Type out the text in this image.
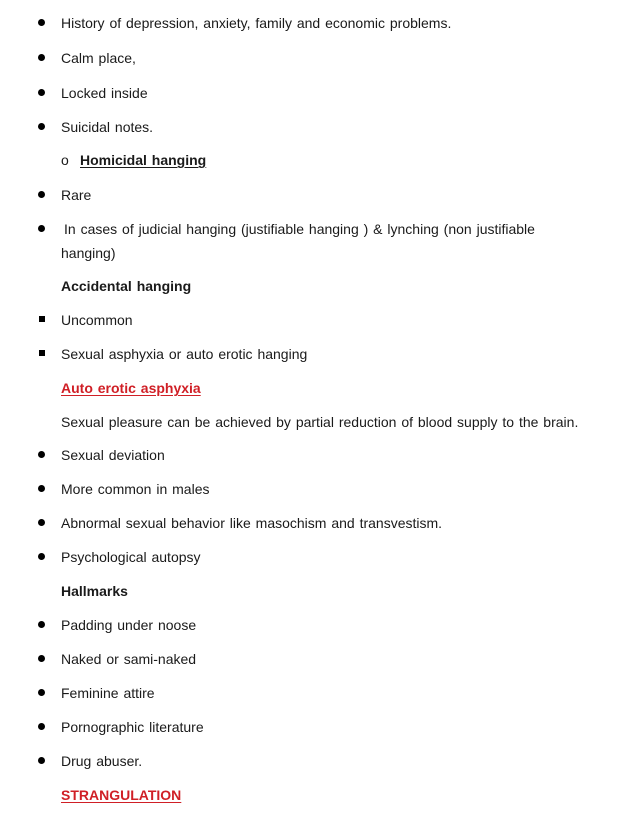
History of depression, anxiety, family and economic problems.
Calm place,
Locked inside
Suicidal notes.
o Homicidal hanging
Rare
In cases of judicial hanging (justifiable hanging ) & lynching (non justifiable
hanging)
Accidental hanging
Uncommon
Sexual asphyxia or auto erotic hanging
Auto erotic asphyxia
Sexual pleasure can be achieved by partial reduction of blood supply to the brain.
Sexual deviation
More common in males
Abnormal sexual behavior like masochism and transvestism.
Psychological autopsy
Hallmarks
Padding under noose
Naked or sami-naked
Feminine attire
Pornographic literature
Drug abuser.
STRANGULATION
